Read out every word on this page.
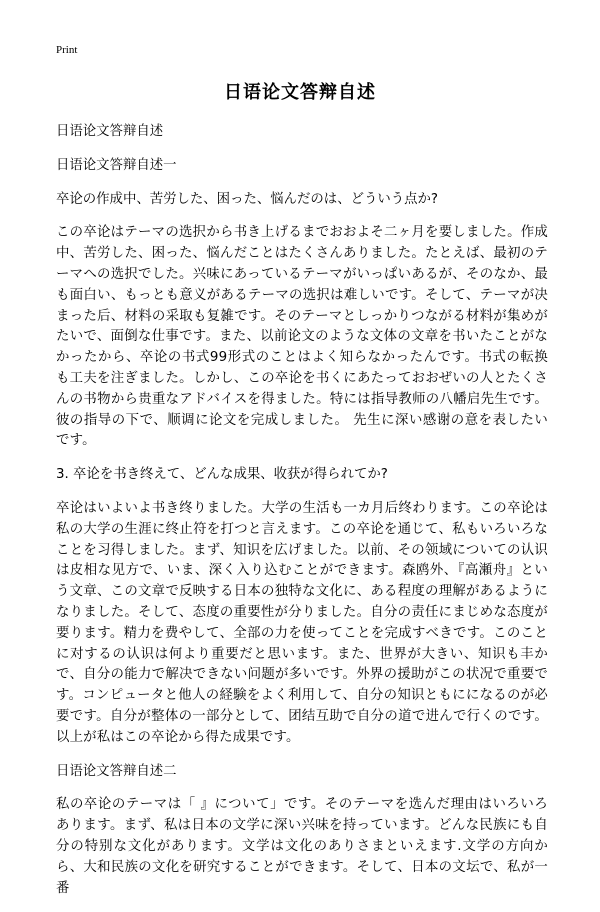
Print
日语论文答辩自述

日语论文答辩自述

日语论文答辩自述一

卒论の作成中、苦労した、困った、悩んだのは、どういう点か?

この卒论はテーマの选択から书き上げるまでおおよそ二ヶ月を要しました。作成中、苦労した、困った、悩んだことはたくさんありました。たとえば、最初のテーマへの选択でした。兴味にあっているテーマがいっぱいあるが、そのなか、最も面白い、もっとも意义があるテーマの选択は难しいです。そして、テーマが决まった后、材料の采取も复雑です。そのテーマとしっかりつながる材料が集めがたいで、面倒な仕事です。また、以前论文のような文体の文章を书いたことがなかったから、卒论の书式99形式のことはよく知らなかったんです。书式の転换も工夫を注ぎました。しかし、この卒论を书くにあたっておおぜいの人とたくさんの书物から贵重なアドバイスを得ました。特には指导教师の八幡启先生です。彼の指导の下で、顺调に论文を完成しました。 先生に深い感谢の意を表したいです。

3. 卒论を书き终えて、どんな成果、收获が得られてか?

卒论はいよいよ书き终りました。大学の生活も一カ月后终わります。この卒论は私の大学の生涯に终止符を打つと言えます。この卒论を通じて、私もいろいろなことを习得しました。まず、知识を広げました。以前、その领域についての认识は皮相な见方で、いま、深く入り込むことができます。森鸥外、『高瀬舟』という文章、この文章で反映する日本の独特な文化に、ある程度の理解があるようになりました。そして、态度の重要性が分りました。自分の责任にまじめな态度が要ります。精力を费やして、全部の力を使ってことを完成すべきです。このことに对するの认识は何より重要だと思います。また、世界が大きい、知识も丰かで、自分の能力で解决できない问题が多いです。外界の援助がこの状况で重要です。コンピュータと他人の経験をよく利用して、自分の知识ともにになるのが必要です。自分が整体の一部分として、团结互助で自分の道で进んで行くのです。以上が私はこの卒论から得た成果です。

日语论文答辩自述二

私の卒论のテーマは「 』について」です。そのテーマを选んだ理由はいろいろあります。まず、私は日本の文学に深い兴味を持っています。どんな民族にも自分の特别な文化があります。文学は文化のありさまといえます.文学の方向から、大和民族の文化を研究することができます。そして、日本の文坛で、私が一番
